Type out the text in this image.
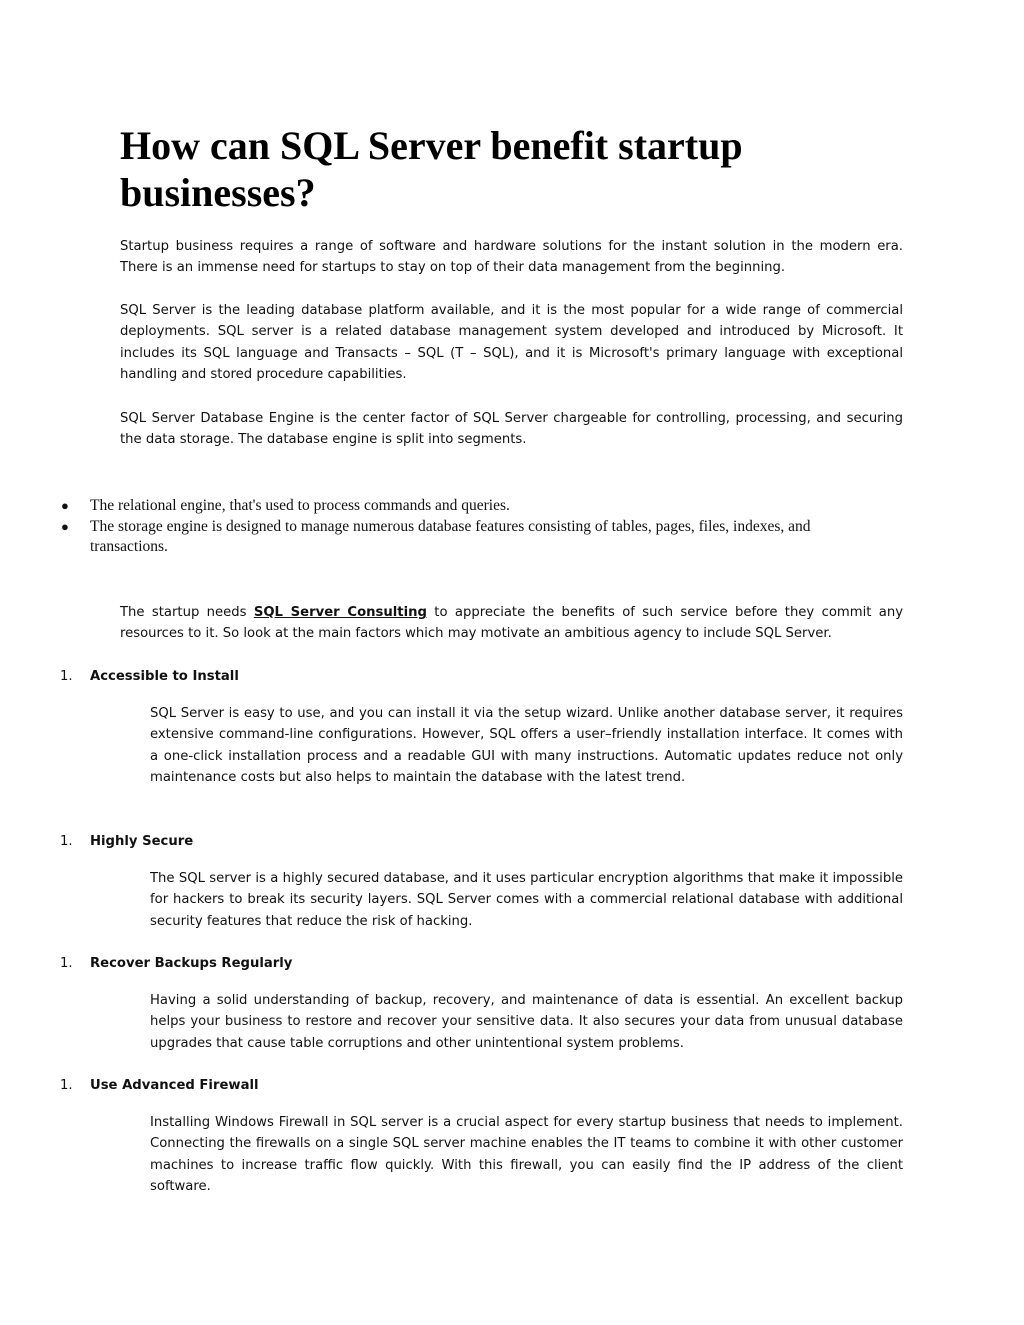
How can SQL Server benefit startup businesses?

Startup business requires a range of software and hardware solutions for the instant solution in the modern era. There is an immense need for startups to stay on top of their data management from the beginning.

SQL Server is the leading database platform available, and it is the most popular for a wide range of commercial deployments. SQL server is a related database management system developed and introduced by Microsoft. It includes its SQL language and Transacts – SQL (T – SQL), and it is Microsoft's primary language with exceptional handling and stored procedure capabilities.

SQL Server Database Engine is the center factor of SQL Server chargeable for controlling, processing, and securing the data storage. The database engine is split into segments.

● The relational engine, that's used to process commands and queries.
● The storage engine is designed to manage numerous database features consisting of tables, pages, files, indexes, and transactions.

The startup needs SQL Server Consulting to appreciate the benefits of such service before they commit any resources to it. So look at the main factors which may motivate an ambitious agency to include SQL Server.

1. Accessible to Install

SQL Server is easy to use, and you can install it via the setup wizard. Unlike another database server, it requires extensive command-line configurations. However, SQL offers a user–friendly installation interface. It comes with a one-click installation process and a readable GUI with many instructions. Automatic updates reduce not only maintenance costs but also helps to maintain the database with the latest trend.

1. Highly Secure

The SQL server is a highly secured database, and it uses particular encryption algorithms that make it impossible for hackers to break its security layers. SQL Server comes with a commercial relational database with additional security features that reduce the risk of hacking.

1. Recover Backups Regularly

Having a solid understanding of backup, recovery, and maintenance of data is essential. An excellent backup helps your business to restore and recover your sensitive data. It also secures your data from unusual database upgrades that cause table corruptions and other unintentional system problems.

1. Use Advanced Firewall

Installing Windows Firewall in SQL server is a crucial aspect for every startup business that needs to implement. Connecting the firewalls on a single SQL server machine enables the IT teams to combine it with other customer machines to increase traffic flow quickly. With this firewall, you can easily find the IP address of the client software.
